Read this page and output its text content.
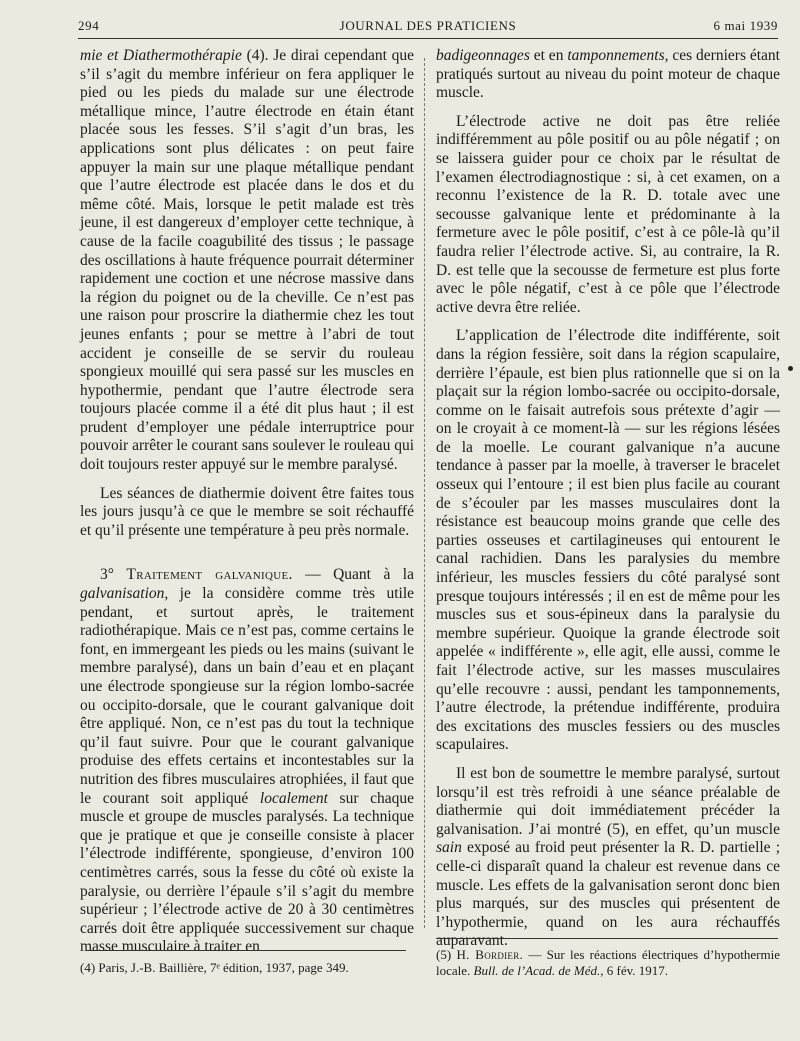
294	JOURNAL DES PRATICIENS	6 mai 1939

mie et Diathermothérapie (4). Je dirai cependant que s’il s’agit du membre inférieur on fera appliquer le pied ou les pieds du malade sur une électrode métallique mince, l’autre électrode en étain étant placée sous les fesses. S’il s’agit d’un bras, les applications sont plus délicates : on peut faire appuyer la main sur une plaque métallique pendant que l’autre électrode est placée dans le dos et du même côté. Mais, lorsque le petit malade est très jeune, il est dangereux d’employer cette technique, à cause de la facile coagubilité des tissus ; le passage des oscillations à haute fréquence pourrait déterminer rapidement une coction et une nécrose massive dans la région du poignet ou de la cheville. Ce n’est pas une raison pour proscrire la diathermie chez les tout jeunes enfants ; pour se mettre à l’abri de tout accident je conseille de se servir du rouleau spongieux mouillé qui sera passé sur les muscles en hypothermie, pendant que l’autre électrode sera toujours placée comme il a été dit plus haut ; il est prudent d’employer une pédale interruptrice pour pouvoir arrêter le courant sans soulever le rouleau qui doit toujours rester appuyé sur le membre paralysé.

Les séances de diathermie doivent être faites tous les jours jusqu’à ce que le membre se soit réchauffé et qu’il présente une température à peu près normale.

3° Traitement galvanique. — Quant à la galvanisation, je la considère comme très utile pendant, et surtout après, le traitement radiothérapique. Mais ce n’est pas, comme certains le font, en immergeant les pieds ou les mains (suivant le membre paralysé), dans un bain d’eau et en plaçant une électrode spongieuse sur la région lombo-sacrée ou occipito-dorsale, que le courant galvanique doit être appliqué. Non, ce n’est pas du tout la technique qu’il faut suivre. Pour que le courant galvanique produise des effets certains et incontestables sur la nutrition des fibres musculaires atrophiées, il faut que le courant soit appliqué localement sur chaque muscle et groupe de muscles paralysés. La technique que je pratique et que je conseille consiste à placer l’électrode indifférente, spongieuse, d’environ 100 centimètres carrés, sous la fesse du côté où existe la paralysie, ou derrière l’épaule s’il s’agit du membre supérieur ; l’électrode active de 20 à 30 centimètres carrés doit être appliquée successivement sur chaque masse musculaire à traiter en

badigeonnages et en tamponnements, ces derniers étant pratiqués surtout au niveau du point moteur de chaque muscle.

L’électrode active ne doit pas être reliée indifféremment au pôle positif ou au pôle négatif ; on se laissera guider pour ce choix par le résultat de l’examen électrodiagnostique : si, à cet examen, on a reconnu l’existence de la R. D. totale avec une secousse galvanique lente et prédominante à la fermeture avec le pôle positif, c’est à ce pôle-là qu’il faudra relier l’électrode active. Si, au contraire, la R. D. est telle que la secousse de fermeture est plus forte avec le pôle négatif, c’est à ce pôle que l’électrode active devra être reliée.

L’application de l’électrode dite indifférente, soit dans la région fessière, soit dans la région scapulaire, derrière l’épaule, est bien plus rationnelle que si on la plaçait sur la région lombo-sacrée ou occipito-dorsale, comme on le faisait autrefois sous prétexte d’agir — on le croyait à ce moment-là — sur les régions lésées de la moelle. Le courant galvanique n’a aucune tendance à passer par la moelle, à traverser le bracelet osseux qui l’entoure ; il est bien plus facile au courant de s’écouler par les masses musculaires dont la résistance est beaucoup moins grande que celle des parties osseuses et cartilagineuses qui entourent le canal rachidien. Dans les paralysies du membre inférieur, les muscles fessiers du côté paralysé sont presque toujours intéressés ; il en est de même pour les muscles sus et sous-épineux dans la paralysie du membre supérieur. Quoique la grande électrode soit appelée « indifférente », elle agit, elle aussi, comme le fait l’électrode active, sur les masses musculaires qu’elle recouvre : aussi, pendant les tamponnements, l’autre électrode, la prétendue indifférente, produira des excitations des muscles fessiers ou des muscles scapulaires.

Il est bon de soumettre le membre paralysé, surtout lorsqu’il est très refroidi à une séance préalable de diathermie qui doit immédiatement précéder la galvanisation. J’ai montré (5), en effet, qu’un muscle sain exposé au froid peut présenter la R. D. partielle ; celle-ci disparaît quand la chaleur est revenue dans ce muscle. Les effets de la galvanisation seront donc bien plus marqués, sur des muscles qui présentent de l’hypothermie, quand on les aura réchauffés auparavant.

(4) Paris, J.-B. Baillière, 7ᵉ édition, 1937, page 349.
(5) H. Bordier. — Sur les réactions électriques d’hypothermie locale. Bull. de l’Acad. de Méd., 6 fév. 1917.
